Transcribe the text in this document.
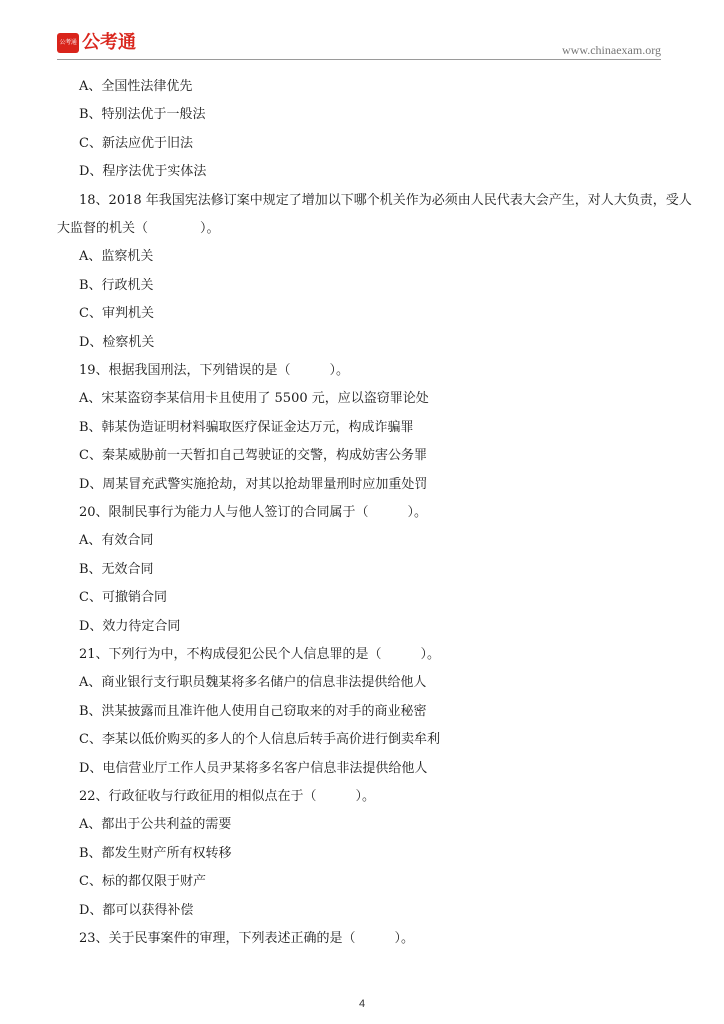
公考通 公考通	www.chinaexam.org
A、全国性法律优先
B、特别法优于一般法
C、新法应优于旧法
D、程序法优于实体法
18、2018 年我国宪法修订案中规定了增加以下哪个机关作为必须由人民代表大会产生，对人大负责，受人
大监督的机关（　　　　）。
A、监察机关
B、行政机关
C、审判机关
D、检察机关
19、根据我国刑法，下列错误的是（　　　）。
A、宋某盗窃李某信用卡且使用了 5500 元，应以盗窃罪论处
B、韩某伪造证明材料骗取医疗保证金达万元，构成诈骗罪
C、秦某威胁前一天暂扣自己驾驶证的交警，构成妨害公务罪
D、周某冒充武警实施抢劫，对其以抢劫罪量刑时应加重处罚
20、限制民事行为能力人与他人签订的合同属于（　　　）。
A、有效合同
B、无效合同
C、可撤销合同
D、效力待定合同
21、下列行为中，不构成侵犯公民个人信息罪的是（　　　）。
A、商业银行支行职员魏某将多名储户的信息非法提供给他人
B、洪某披露而且准许他人使用自己窃取来的对手的商业秘密
C、李某以低价购买的多人的个人信息后转手高价进行倒卖牟利
D、电信营业厅工作人员尹某将多名客户信息非法提供给他人
22、行政征收与行政征用的相似点在于（　　　）。
A、都出于公共利益的需要
B、都发生财产所有权转移
C、标的都仅限于财产
D、都可以获得补偿
23、关于民事案件的审理，下列表述正确的是（　　　）。
4
